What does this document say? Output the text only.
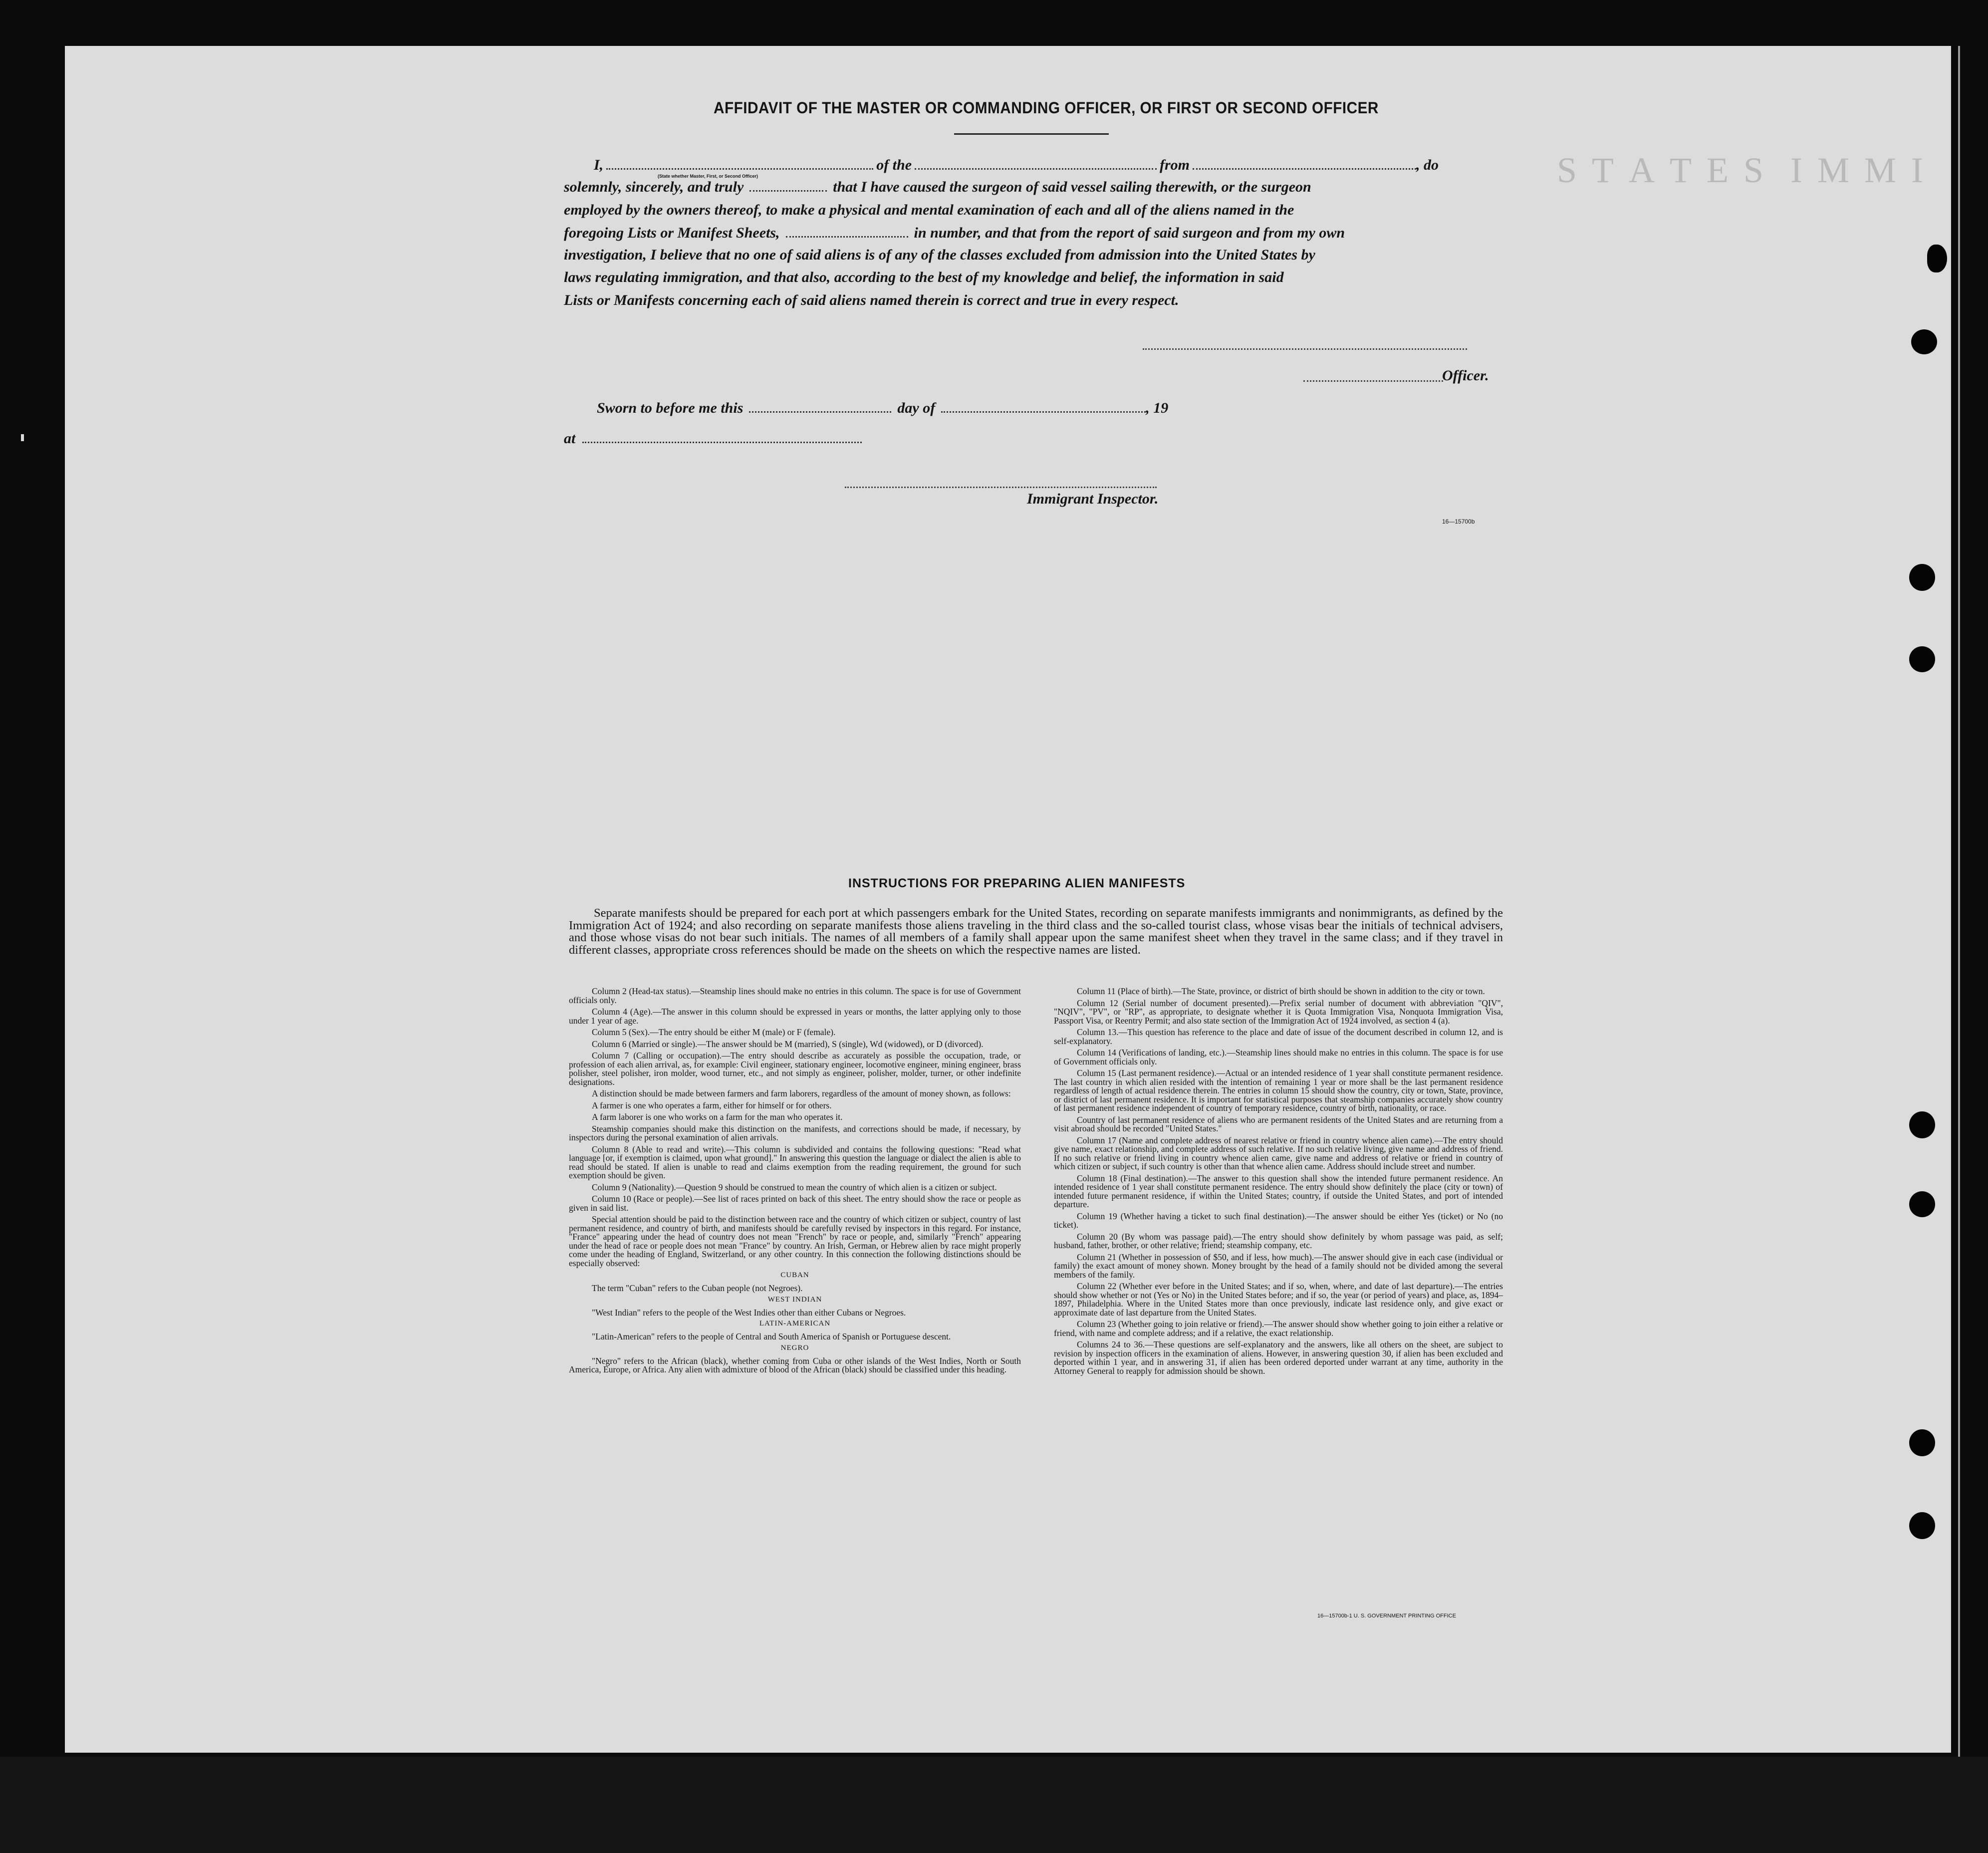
S T A T E S  I M M I
AFFIDAVIT OF THE MASTER OR COMMANDING OFFICER, OR FIRST OR SECOND OFFICER
I,	of the	from	, do
(State whether Master, First, or Second Officer)
solemnly, sincerely, and truly	that I have caused the surgeon of said vessel sailing therewith, or the surgeon
employed by the owners thereof, to make a physical and mental examination of each and all of the aliens named in the
foregoing Lists or Manifest Sheets,	in number, and that from the report of said surgeon and from my own
investigation, I believe that no one of said aliens is of any of the classes excluded from admission into the United States by
laws regulating immigration, and that also, according to the best of my knowledge and belief, the information in said
Lists or Manifests concerning each of said aliens named therein is correct and true in every respect.
Officer.
Sworn to before me this	day of	, 19
at
Immigrant Inspector.
16—15700b
INSTRUCTIONS FOR PREPARING ALIEN MANIFESTS
Separate manifests should be prepared for each port at which passengers embark for the United States, recording on separate manifests immigrants and nonimmigrants, as defined by the Immigration Act of 1924; and also recording on separate manifests those aliens traveling in the third class and the so-called tourist class, whose visas bear the initials of technical advisers, and those whose visas do not bear such initials. The names of all members of a family shall appear upon the same manifest sheet when they travel in the same class; and if they travel in different classes, appropriate cross references should be made on the sheets on which the respective names are listed.

Column 2 (Head-tax status).—Steamship lines should make no entries in this column. The space is for use of Government officials only.

Column 4 (Age).—The answer in this column should be expressed in years or months, the latter applying only to those under 1 year of age.

Column 5 (Sex).—The entry should be either M (male) or F (female).

Column 6 (Married or single).—The answer should be M (married), S (single), Wd (widowed), or D (divorced).

Column 7 (Calling or occupation).—The entry should describe as accurately as possible the occupation, trade, or profession of each alien arrival, as, for example: Civil engineer, stationary engineer, locomotive engineer, mining engineer, brass polisher, steel polisher, iron molder, wood turner, etc., and not simply as engineer, polisher, molder, turner, or other indefinite designations.

A distinction should be made between farmers and farm laborers, regardless of the amount of money shown, as follows:

A farmer is one who operates a farm, either for himself or for others.

A farm laborer is one who works on a farm for the man who operates it.

Steamship companies should make this distinction on the manifests, and corrections should be made, if necessary, by inspectors during the personal examination of alien arrivals.

Column 8 (Able to read and write).—This column is subdivided and contains the following questions: "Read what language [or, if exemption is claimed, upon what ground]." In answering this question the language or dialect the alien is able to read should be stated. If alien is unable to read and claims exemption from the reading requirement, the ground for such exemption should be given.

Column 9 (Nationality).—Question 9 should be construed to mean the country of which alien is a citizen or subject.

Column 10 (Race or people).—See list of races printed on back of this sheet. The entry should show the race or people as given in said list.

Special attention should be paid to the distinction between race and the country of which citizen or subject, country of last permanent residence, and country of birth, and manifests should be carefully revised by inspectors in this regard. For instance, "France" appearing under the head of country does not mean "French" by race or people, and, similarly "French" appearing under the head of race or people does not mean "France" by country. An Irish, German, or Hebrew alien by race might properly come under the heading of England, Switzerland, or any other country. In this connection the following distinctions should be especially observed:

CUBAN

The term "Cuban" refers to the Cuban people (not Negroes).

WEST INDIAN

"West Indian" refers to the people of the West Indies other than either Cubans or Negroes.

LATIN-AMERICAN

"Latin-American" refers to the people of Central and South America of Spanish or Portuguese descent.

NEGRO

"Negro" refers to the African (black), whether coming from Cuba or other islands of the West Indies, North or South America, Europe, or Africa. Any alien with admixture of blood of the African (black) should be classified under this heading.

Column 11 (Place of birth).—The State, province, or district of birth should be shown in addition to the city or town.

Column 12 (Serial number of document presented).—Prefix serial number of document with abbreviation "QIV", "NQIV", "PV", or "RP", as appropriate, to designate whether it is Quota Immigration Visa, Nonquota Immigration Visa, Passport Visa, or Reentry Permit; and also state section of the Immigration Act of 1924 involved, as section 4 (a).

Column 13.—This question has reference to the place and date of issue of the document described in column 12, and is self-explanatory.

Column 14 (Verifications of landing, etc.).—Steamship lines should make no entries in this column. The space is for use of Government officials only.

Column 15 (Last permanent residence).—Actual or an intended residence of 1 year shall constitute permanent residence. The last country in which alien resided with the intention of remaining 1 year or more shall be the last permanent residence regardless of length of actual residence therein. The entries in column 15 should show the country, city or town, State, province, or district of last permanent residence. It is important for statistical purposes that steamship companies accurately show country of last permanent residence independent of country of temporary residence, country of birth, nationality, or race.

Country of last permanent residence of aliens who are permanent residents of the United States and are returning from a visit abroad should be recorded "United States."

Column 17 (Name and complete address of nearest relative or friend in country whence alien came).—The entry should give name, exact relationship, and complete address of such relative. If no such relative living, give name and address of friend. If no such relative or friend living in country whence alien came, give name and address of relative or friend in country of which citizen or subject, if such country is other than that whence alien came. Address should include street and number.

Column 18 (Final destination).—The answer to this question shall show the intended future permanent residence. An intended residence of 1 year shall constitute permanent residence. The entry should show definitely the place (city or town) of intended future permanent residence, if within the United States; country, if outside the United States, and port of intended departure.

Column 19 (Whether having a ticket to such final destination).—The answer should be either Yes (ticket) or No (no ticket).

Column 20 (By whom was passage paid).—The entry should show definitely by whom passage was paid, as self; husband, father, brother, or other relative; friend; steamship company, etc.

Column 21 (Whether in possession of $50, and if less, how much).—The answer should give in each case (individual or family) the exact amount of money shown. Money brought by the head of a family should not be divided among the several members of the family.

Column 22 (Whether ever before in the United States; and if so, when, where, and date of last departure).—The entries should show whether or not (Yes or No) in the United States before; and if so, the year (or period of years) and place, as, 1894–1897, Philadelphia. Where in the United States more than once previously, indicate last residence only, and give exact or approximate date of last departure from the United States.

Column 23 (Whether going to join relative or friend).—The answer should show whether going to join either a relative or friend, with name and complete address; and if a relative, the exact relationship.

Columns 24 to 36.—These questions are self-explanatory and the answers, like all others on the sheet, are subject to revision by inspection officers in the examination of aliens. However, in answering question 30, if alien has been excluded and deported within 1 year, and in answering 31, if alien has been ordered deported under warrant at any time, authority in the Attorney General to reapply for admission should be shown.

16—15700b-1 U. S. GOVERNMENT PRINTING OFFICE
